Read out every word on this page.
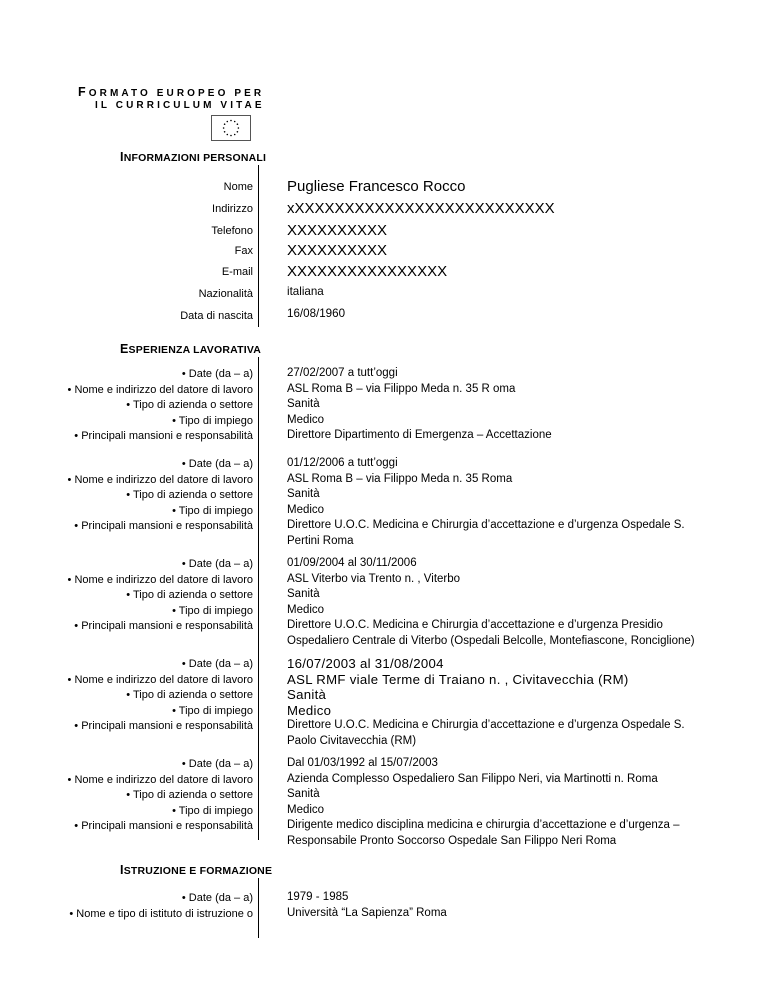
FORMATO EUROPEO PER
IL CURRICULUM VITAE
INFORMAZIONI PERSONALI
Nome Pugliese Francesco Rocco
Indirizzo xXXXXXXXXXXXXXXXXXXXXXXXXXX
Telefono XXXXXXXXXX
Fax XXXXXXXXXX
E-mail XXXXXXXXXXXXXXXX
Nazionalità	italiana
Data di nascita	16/08/1960
ESPERIENZA LAVORATIVA
• Date (da – a)
• Nome e indirizzo del datore di lavoro
• Tipo di azienda o settore
• Tipo di impiego
• Principali mansioni e responsabilità
27/02/2007 a tutt’oggi
ASL Roma B – via Filippo Meda n. 35 R oma
Sanità
Medico
Direttore Dipartimento di Emergenza – Accettazione
• Date (da – a)
• Nome e indirizzo del datore di lavoro
• Tipo di azienda o settore
• Tipo di impiego
• Principali mansioni e responsabilità
01/12/2006 a tutt’oggi
ASL Roma B – via Filippo Meda n. 35 Roma
Sanità
Medico
Direttore U.O.C. Medicina e Chirurgia d’accettazione e d’urgenza Ospedale S. Pertini Roma
• Date (da – a)
• Nome e indirizzo del datore di lavoro
• Tipo di azienda o settore
• Tipo di impiego
• Principali mansioni e responsabilità
01/09/2004 al 30/11/2006
ASL Viterbo via Trento n. , Viterbo
Sanità
Medico
Direttore U.O.C. Medicina e Chirurgia d’accettazione e d’urgenza Presidio Ospedaliero Centrale di Viterbo (Ospedali Belcolle, Montefiascone, Ronciglione)
• Date (da – a)
• Nome e indirizzo del datore di lavoro
• Tipo di azienda o settore
• Tipo di impiego
• Principali mansioni e responsabilità
16/07/2003 al 31/08/2004
ASL RMF viale Terme di Traiano n. , Civitavecchia (RM)
Sanità
Medico
Direttore U.O.C. Medicina e Chirurgia d’accettazione e d’urgenza Ospedale S. Paolo Civitavecchia (RM)
• Date (da – a)
• Nome e indirizzo del datore di lavoro
• Tipo di azienda o settore
• Tipo di impiego
• Principali mansioni e responsabilità
Dal 01/03/1992 al 15/07/2003
Azienda Complesso Ospedaliero San Filippo Neri, via Martinotti n. Roma
Sanità
Medico
Dirigente medico disciplina medicina e chirurgia d’accettazione e d’urgenza – Responsabile Pronto Soccorso Ospedale San Filippo Neri Roma
ISTRUZIONE E FORMAZIONE
• Date (da – a)
• Nome e tipo di istituto di istruzione o
1979 - 1985
Università “La Sapienza” Roma
